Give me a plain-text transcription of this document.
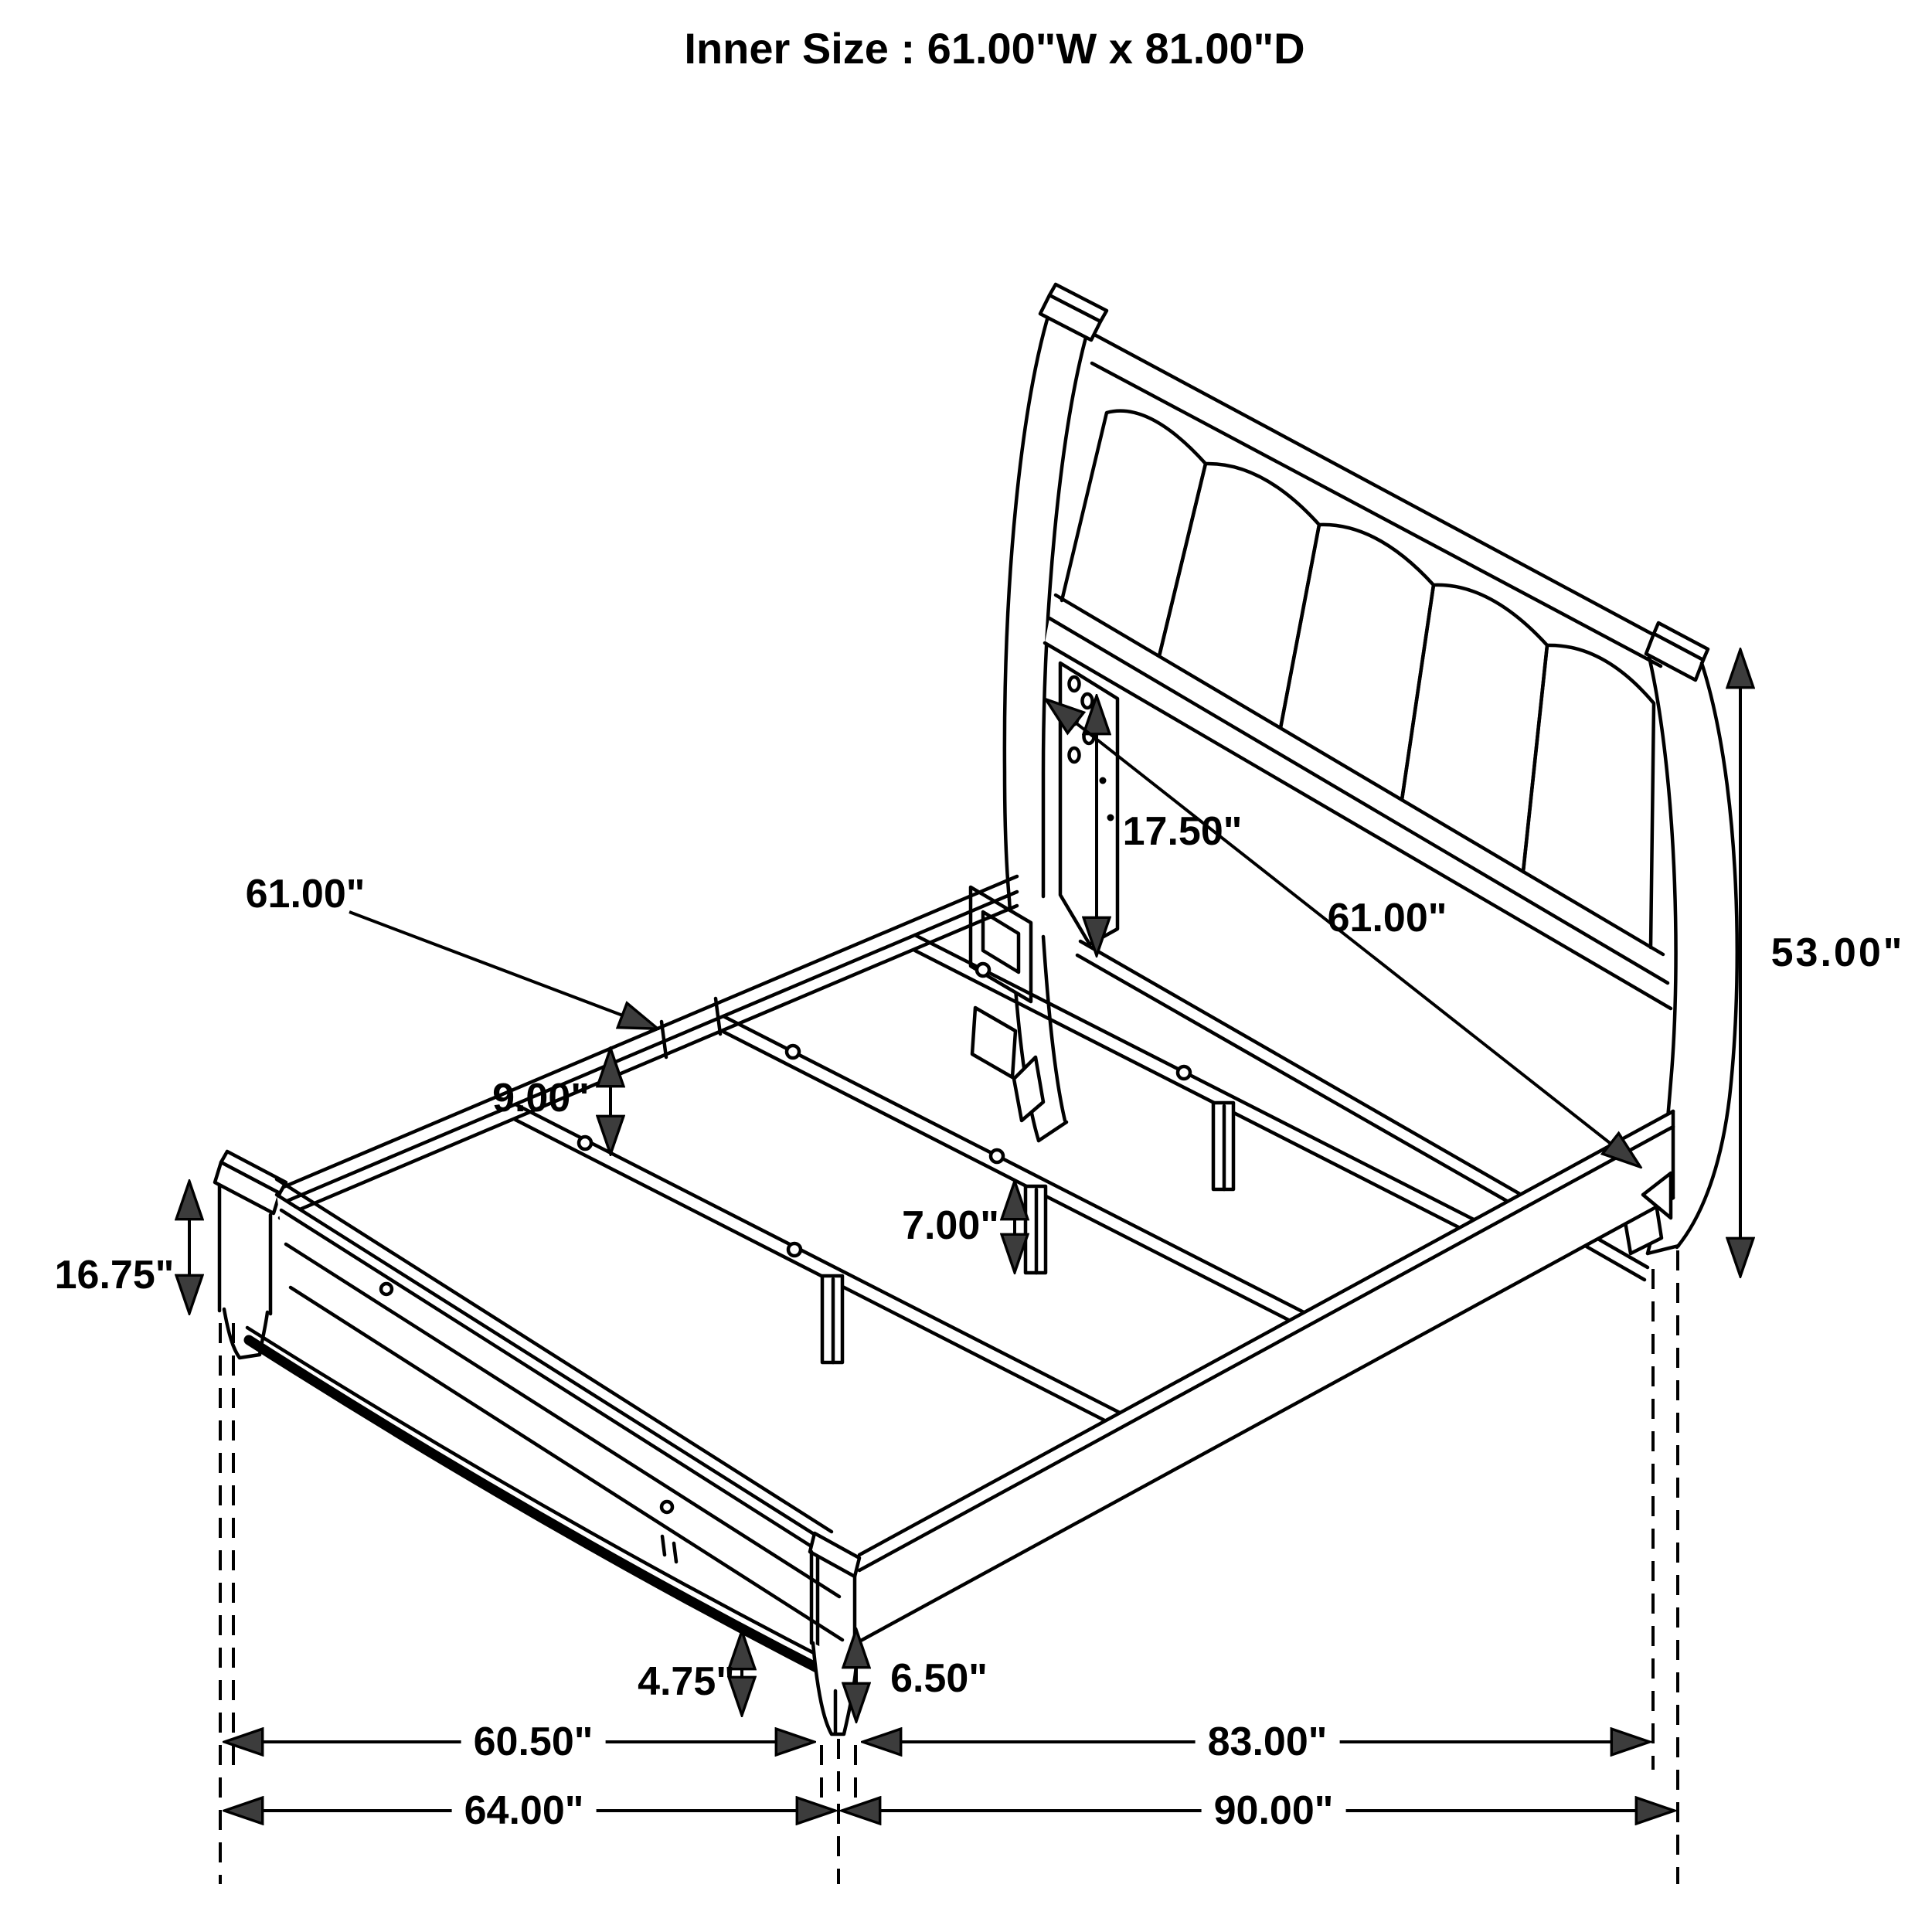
Inner Size : 61.00"W x 81.00"D
61.00"
17.50"
61.00"
53.00"
9.00"
7.00"
16.75"
4.75"	6.50"
60.50"	83.00"
64.00"	90.00"
